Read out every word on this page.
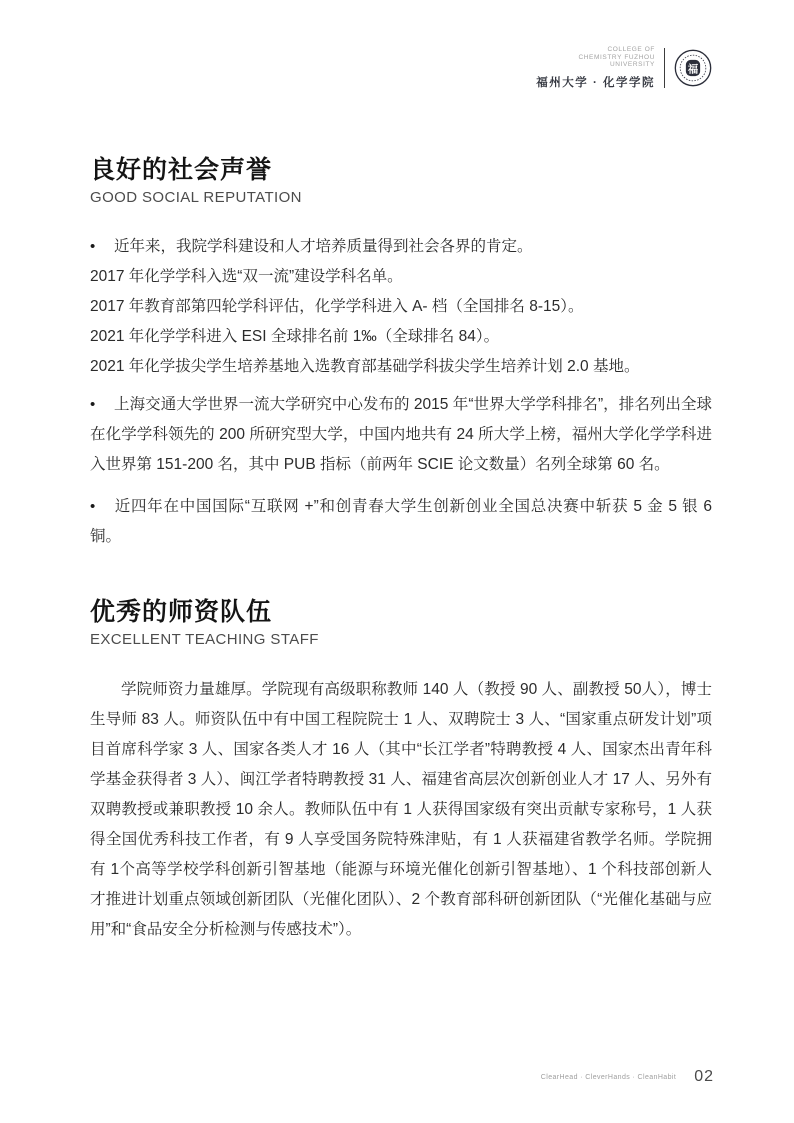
COLLEGE OF
CHEMISTRY FUZHOU
UNIVERSITY
福州大学 · 化学学院
福
良好的社会声誉
GOOD SOCIAL REPUTATION
• 近年来，我院学科建设和人才培养质量得到社会各界的肯定。
2017 年化学学科入选“双一流”建设学科名单。
2017 年教育部第四轮学科评估，化学学科进入 A- 档（全国排名 8-15）。
2021 年化学学科进入 ESI 全球排名前 1‰（全球排名 84）。
2021 年化学拔尖学生培养基地入选教育部基础学科拔尖学生培养计划 2.0 基地。
• 上海交通大学世界一流大学研究中心发布的 2015 年“世界大学学科排名”，排名列出全球在化学学科领先的 200 所研究型大学，中国内地共有 24 所大学上榜，福州大学化学学科进入世界第 151-200 名，其中 PUB 指标（前两年 SCIE 论文数量）名列全球第 60 名。
• 近四年在中国国际“互联网 +”和创青春大学生创新创业全国总决赛中斩获 5 金 5 银 6 铜。
优秀的师资队伍
EXCELLENT TEACHING STAFF
学院师资力量雄厚。学院现有高级职称教师 140 人（教授 90 人、副教授 50人），博士生导师 83 人。师资队伍中有中国工程院院士 1 人、双聘院士 3 人、“国家重点研发计划”项目首席科学家 3 人、国家各类人才 16 人（其中“长江学者”特聘教授 4 人、国家杰出青年科学基金获得者 3 人）、闽江学者特聘教授 31 人、福建省高层次创新创业人才 17 人、另外有双聘教授或兼职教授 10 余人。教师队伍中有 1 人获得国家级有突出贡献专家称号，1 人获得全国优秀科技工作者，有 9 人享受国务院特殊津贴，有 1 人获福建省教学名师。学院拥有 1个高等学校学科创新引智基地（能源与环境光催化创新引智基地）、1 个科技部创新人才推进计划重点领域创新团队（光催化团队）、2 个教育部科研创新团队（“光催化基础与应用”和“食品安全分析检测与传感技术”）。
ClearHead · CleverHands · CleanHabit 02
